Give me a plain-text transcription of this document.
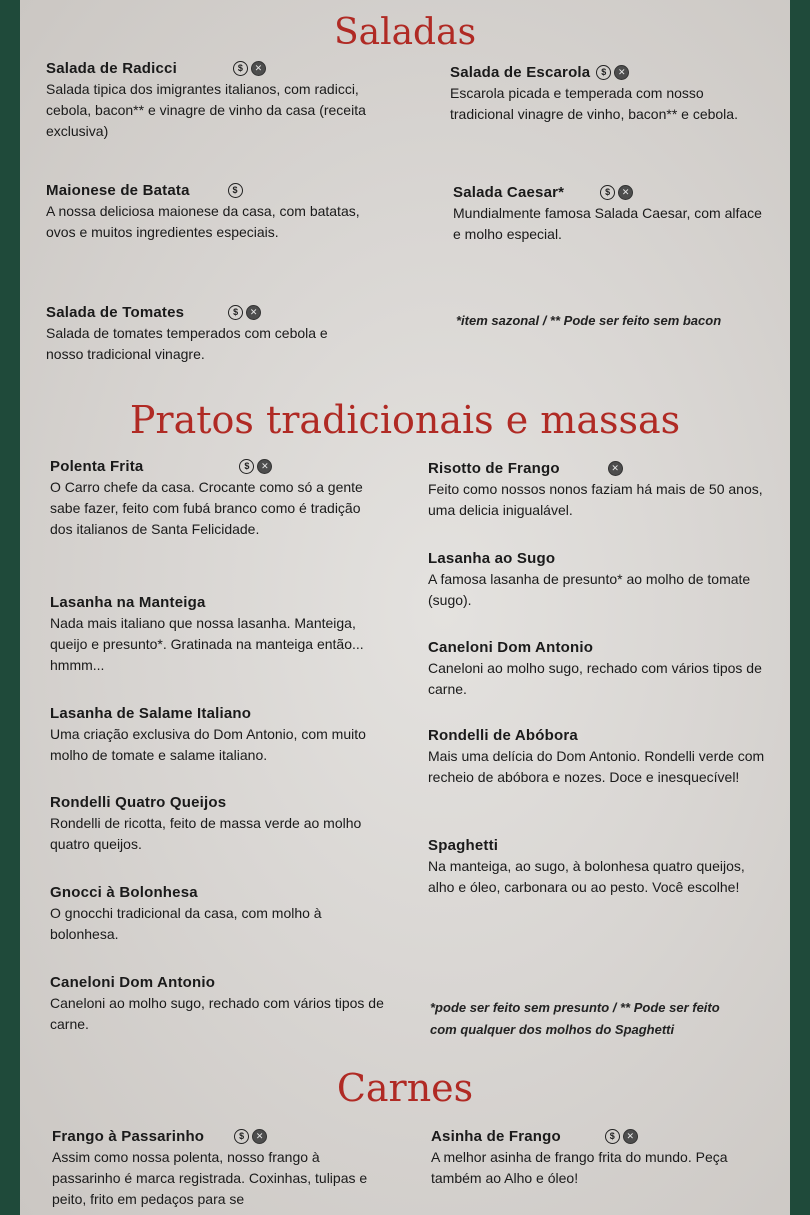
Saladas
Salada de Radicci	$	✕
Salada tipica dos imigrantes italianos, com radicci, cebola, bacon** e vinagre de vinho da casa (receita exclusiva)
Salada de Escarola	$	✕
Escarola picada e temperada com nosso tradicional vinagre de vinho, bacon** e cebola.
Maionese de Batata	$
A nossa deliciosa maionese da casa, com batatas, ovos e muitos ingredientes especiais.
Salada Caesar*	$	✕
Mundialmente famosa Salada Caesar, com alface e molho especial.
Salada de Tomates	$	✕
Salada de tomates temperados com cebola e nosso tradicional vinagre.
*item sazonal / ** Pode ser feito sem bacon
Pratos tradicionais e massas
Polenta Frita	$	✕
O Carro chefe da casa. Crocante como só a gente sabe fazer, feito com fubá branco como é tradição dos italianos de Santa Felicidade.
Risotto de Frango	✕
Feito como nossos nonos faziam há mais de 50 anos, uma delicia inigualável.
Lasanha na Manteiga
Nada mais italiano que nossa lasanha. Manteiga, queijo e presunto*. Gratinada na manteiga então... hmmm...
Lasanha ao Sugo
A famosa lasanha de presunto* ao molho de tomate (sugo).
Caneloni Dom Antonio
Caneloni ao molho sugo, rechado com vários tipos de carne.
Lasanha de Salame Italiano
Uma criação exclusiva do Dom Antonio, com muito molho de tomate e salame italiano.
Rondelli de Abóbora
Mais uma delícia do Dom Antonio. Rondelli verde com recheio de abóbora e nozes. Doce e inesquecível!
Rondelli Quatro Queijos
Rondelli de ricotta, feito de massa verde ao molho quatro queijos.	Spaghetti
Na manteiga, ao sugo, à bolonhesa quatro queijos, alho e óleo, carbonara ou ao pesto. Você escolhe!
Gnocci à Bolonhesa
O gnocchi tradicional da casa, com molho à bolonhesa.
Caneloni Dom Antonio
Caneloni ao molho sugo, rechado com vários tipos de carne.
*pode ser feito sem presunto / ** Pode ser feito
com qualquer dos molhos do Spaghetti
Carnes
Frango à Passarinho	$	✕
Assim como nossa polenta, nosso frango à passarinho é marca registrada. Coxinhas, tulipas e peito, frito em pedaços para se
Asinha de Frango	$	✕
A melhor asinha de frango frita do mundo. Peça também ao Alho e óleo!
